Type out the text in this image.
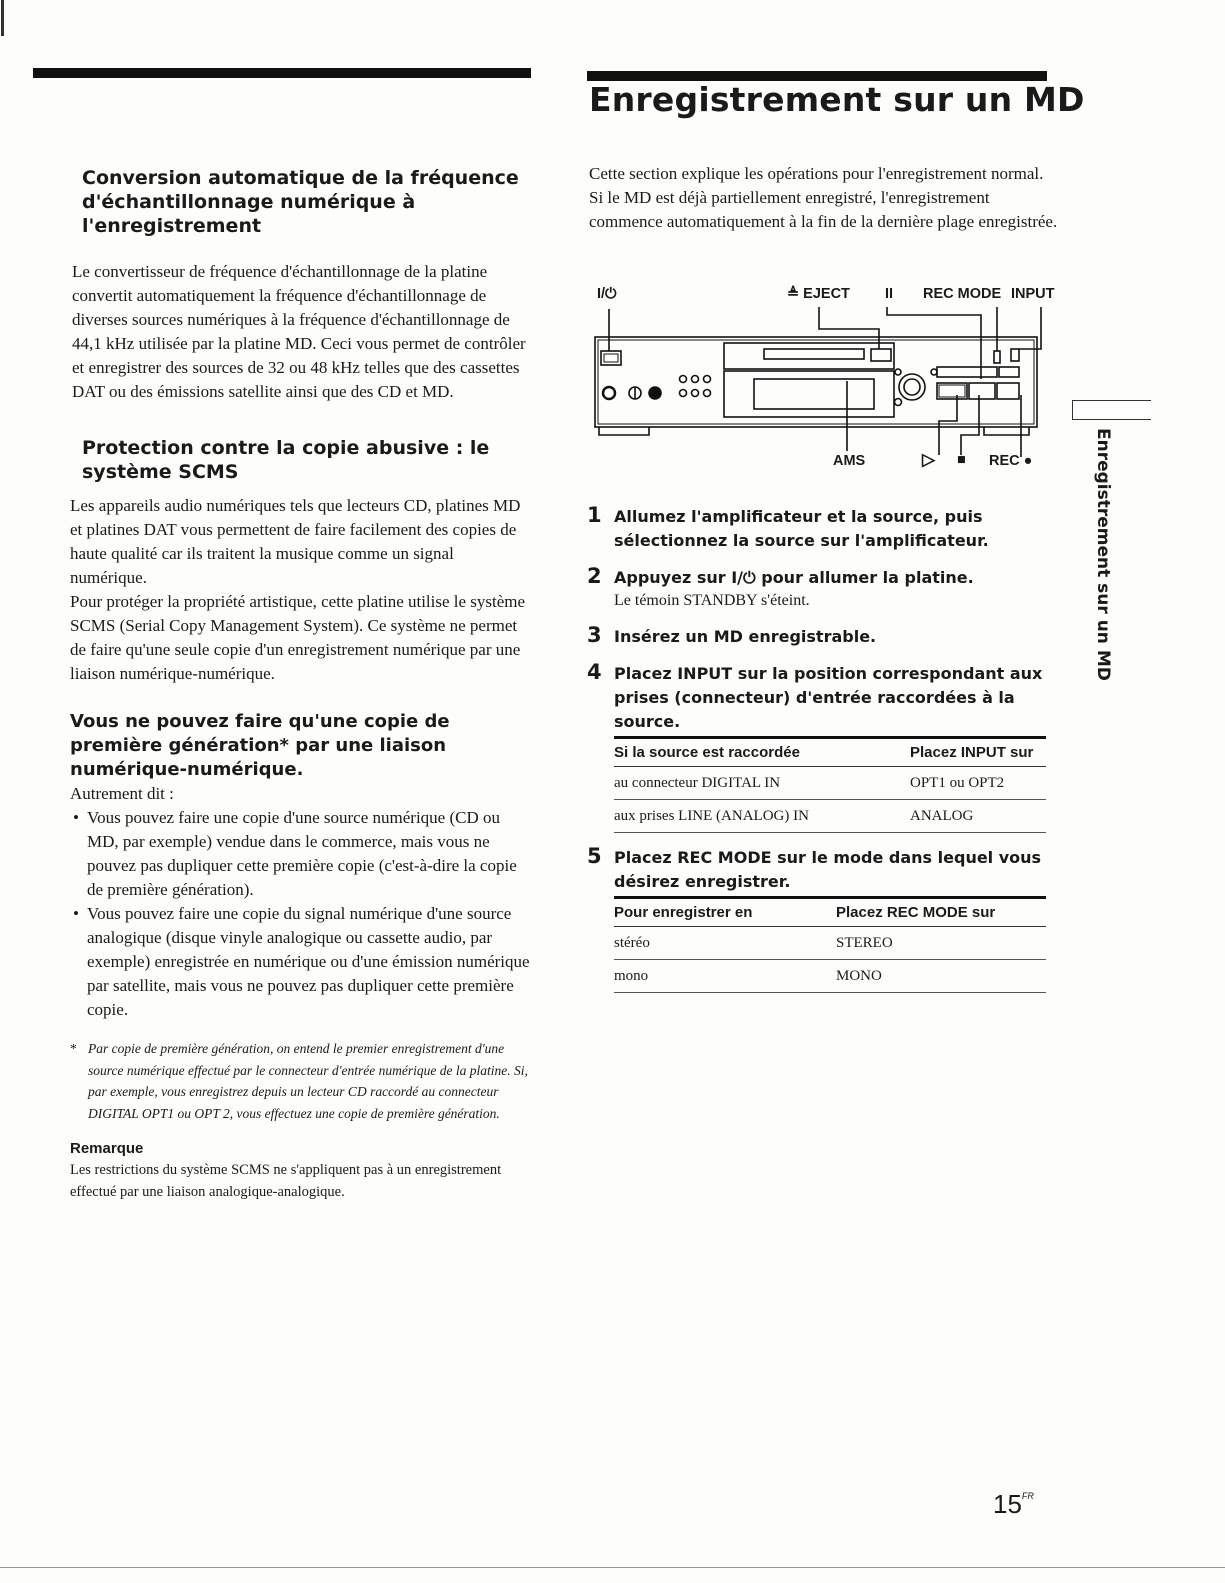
Enregistrement sur un MD
Conversion automatique de la fréquence d'échantillonnage numérique à l'enregistrement

Le convertisseur de fréquence d'échantillonnage de la platine convertit automatiquement la fréquence d'échantillonnage de diverses sources numériques à la fréquence d'échantillonnage de 44,1 kHz utilisée par la platine MD. Ceci vous permet de contrôler et enregistrer des sources de 32 ou 48 kHz telles que des cassettes DAT ou des émissions satellite ainsi que des CD et MD.

Protection contre la copie abusive : le système SCMS

Les appareils audio numériques tels que lecteurs CD, platines MD et platines DAT vous permettent de faire facilement des copies de haute qualité car ils traitent la musique comme un signal numérique.

Pour protéger la propriété artistique, cette platine utilise le système SCMS (Serial Copy Management System). Ce système ne permet de faire qu'une seule copie d'un enregistrement numérique par une liaison numérique-numérique.

Vous ne pouvez faire qu'une copie de première génération* par une liaison numérique-numérique.

Autrement dit :

• Vous pouvez faire une copie d'une source numérique (CD ou MD, par exemple) vendue dans le commerce, mais vous ne pouvez pas dupliquer cette première copie (c'est-à-dire la copie de première génération).
• Vous pouvez faire une copie du signal numérique d'une source analogique (disque vinyle analogique ou cassette audio, par exemple) enregistrée en numérique ou d'une émission numérique par satellite, mais vous ne pouvez pas dupliquer cette première copie.
* Par copie de première génération, on entend le premier enregistrement d'une source numérique effectué par le connecteur d'entrée numérique de la platine. Si, par exemple, vous enregistrez depuis un lecteur CD raccordé au connecteur DIGITAL OPT1 ou OPT 2, vous effectuez une copie de première génération.
Remarque
Les restrictions du système SCMS ne s'appliquent pas à un enregistrement effectué par une liaison analogique-analogique.

Cette section explique les opérations pour l'enregistrement normal. Si le MD est déjà partiellement enregistré, l'enregistrement commence automatiquement à la fin de la dernière plage enregistrée.

I/⏻	≜ EJECT II REC MODE INPUT
AMS	▷ ■ REC ●
1 Allumez l'amplificateur et la source, puis sélectionnez la source sur l'amplificateur.
2 Appuyez sur I/⏻ pour allumer la platine.
Le témoin STANDBY s'éteint.
3 Insérez un MD enregistrable.
4 Placez INPUT sur la position correspondant aux prises (connecteur) d'entrée raccordées à la source.
Si la source est raccordée	Placez INPUT sur
au connecteur DIGITAL IN	OPT1 ou OPT2
aux prises LINE (ANALOG) IN	ANALOG
5 Placez REC MODE sur le mode dans lequel vous désirez enregistrer.
Pour enregistrer en	Placez REC MODE sur
stéréo	STEREO
mono	MONO
Enregistrement sur un MD
$15^{FR}$
